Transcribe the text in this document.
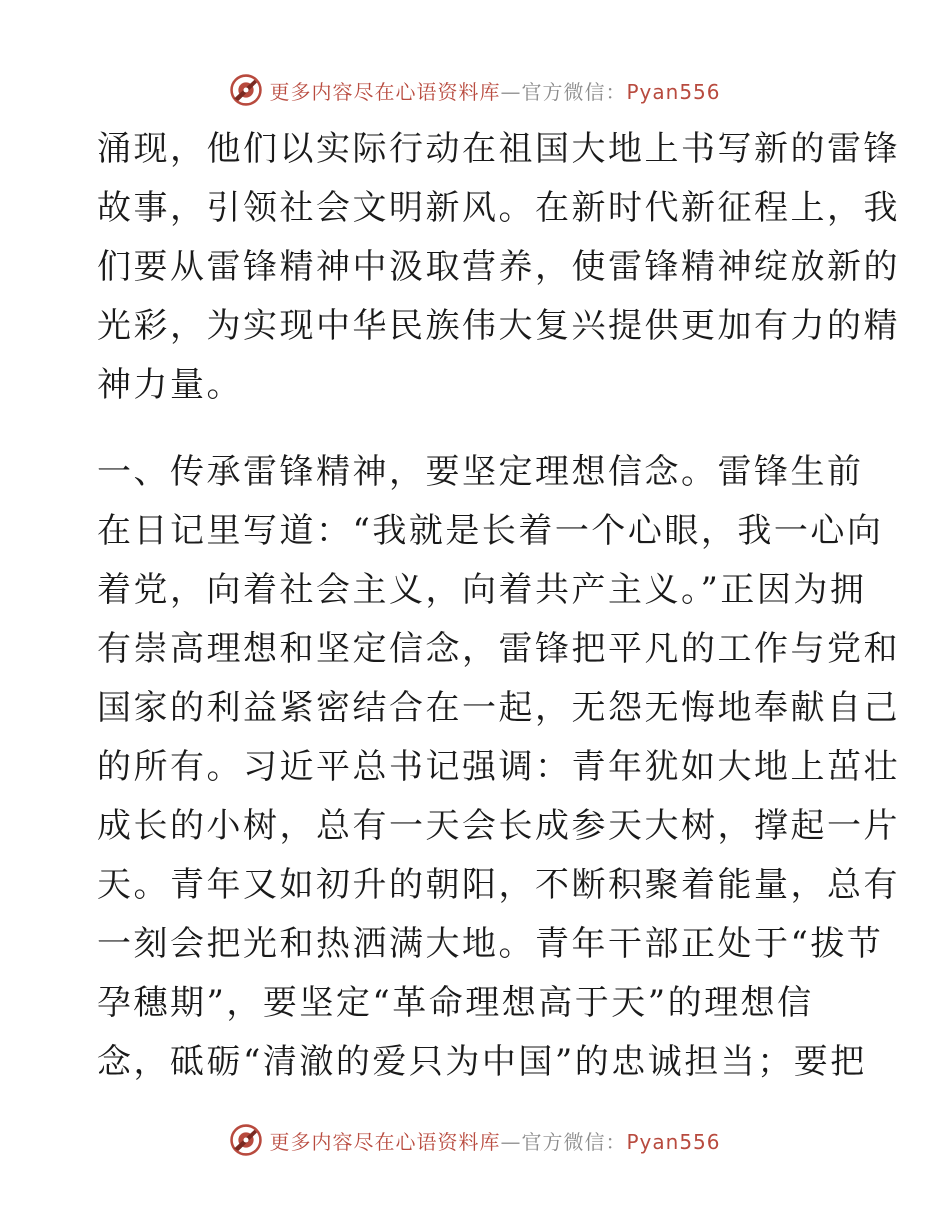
更多内容尽在心语资料库—官方微信：Pyan556
涌现，他们以实际行动在祖国大地上书写新的雷锋
故事，引领社会文明新风。在新时代新征程上，我
们要从雷锋精神中汲取营养，使雷锋精神绽放新的
光彩，为实现中华民族伟大复兴提供更加有力的精
神力量。
一、传承雷锋精神，要坚定理想信念。雷锋生前
在日记里写道：“我就是长着一个心眼，我一心向
着党，向着社会主义，向着共产主义。”正因为拥
有崇高理想和坚定信念，雷锋把平凡的工作与党和
国家的利益紧密结合在一起，无怨无悔地奉献自己
的所有。习近平总书记强调：青年犹如大地上茁壮
成长的小树，总有一天会长成参天大树，撑起一片
天。青年又如初升的朝阳，不断积聚着能量，总有
一刻会把光和热洒满大地。青年干部正处于“拔节
孕穗期”，要坚定“革命理想高于天”的理想信
念，砥砺“清澈的爱只为中国”的忠诚担当；要把
更多内容尽在心语资料库—官方微信：Pyan556
